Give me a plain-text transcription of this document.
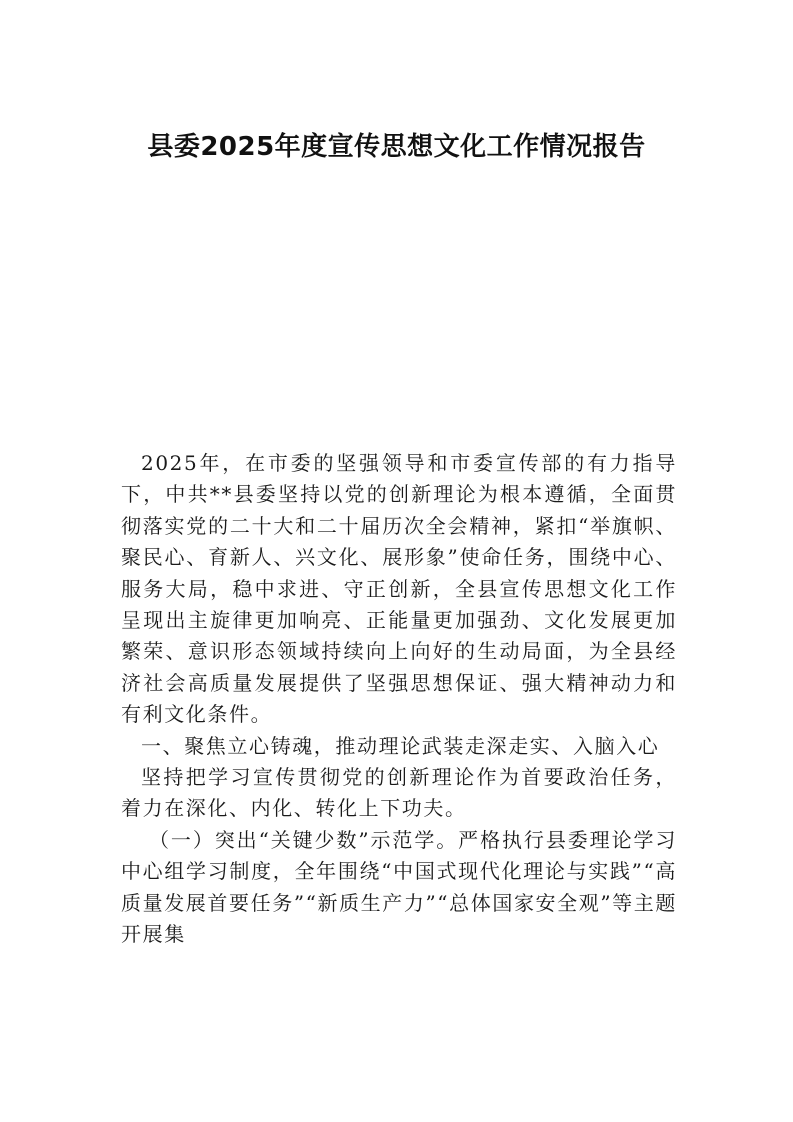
县委2025年度宣传思想文化工作情况报告

2025年，在市委的坚强领导和市委宣传部的有力指导下，中共**县委坚持以党的创新理论为根本遵循，全面贯彻落实党的二十大和二十届历次全会精神，紧扣“举旗帜、聚民心、育新人、兴文化、展形象”使命任务，围绕中心、服务大局，稳中求进、守正创新，全县宣传思想文化工作呈现出主旋律更加响亮、正能量更加强劲、文化发展更加繁荣、意识形态领域持续向上向好的生动局面，为全县经济社会高质量发展提供了坚强思想保证、强大精神动力和有利文化条件。

一、聚焦立心铸魂，推动理论武装走深走实、入脑入心

坚持把学习宣传贯彻党的创新理论作为首要政治任务，着力在深化、内化、转化上下功夫。

（一）突出“关键少数”示范学。严格执行县委理论学习中心组学习制度，全年围绕“中国式现代化理论与实践”“高质量发展首要任务”“新质生产力”“总体国家安全观”等主题开展集
